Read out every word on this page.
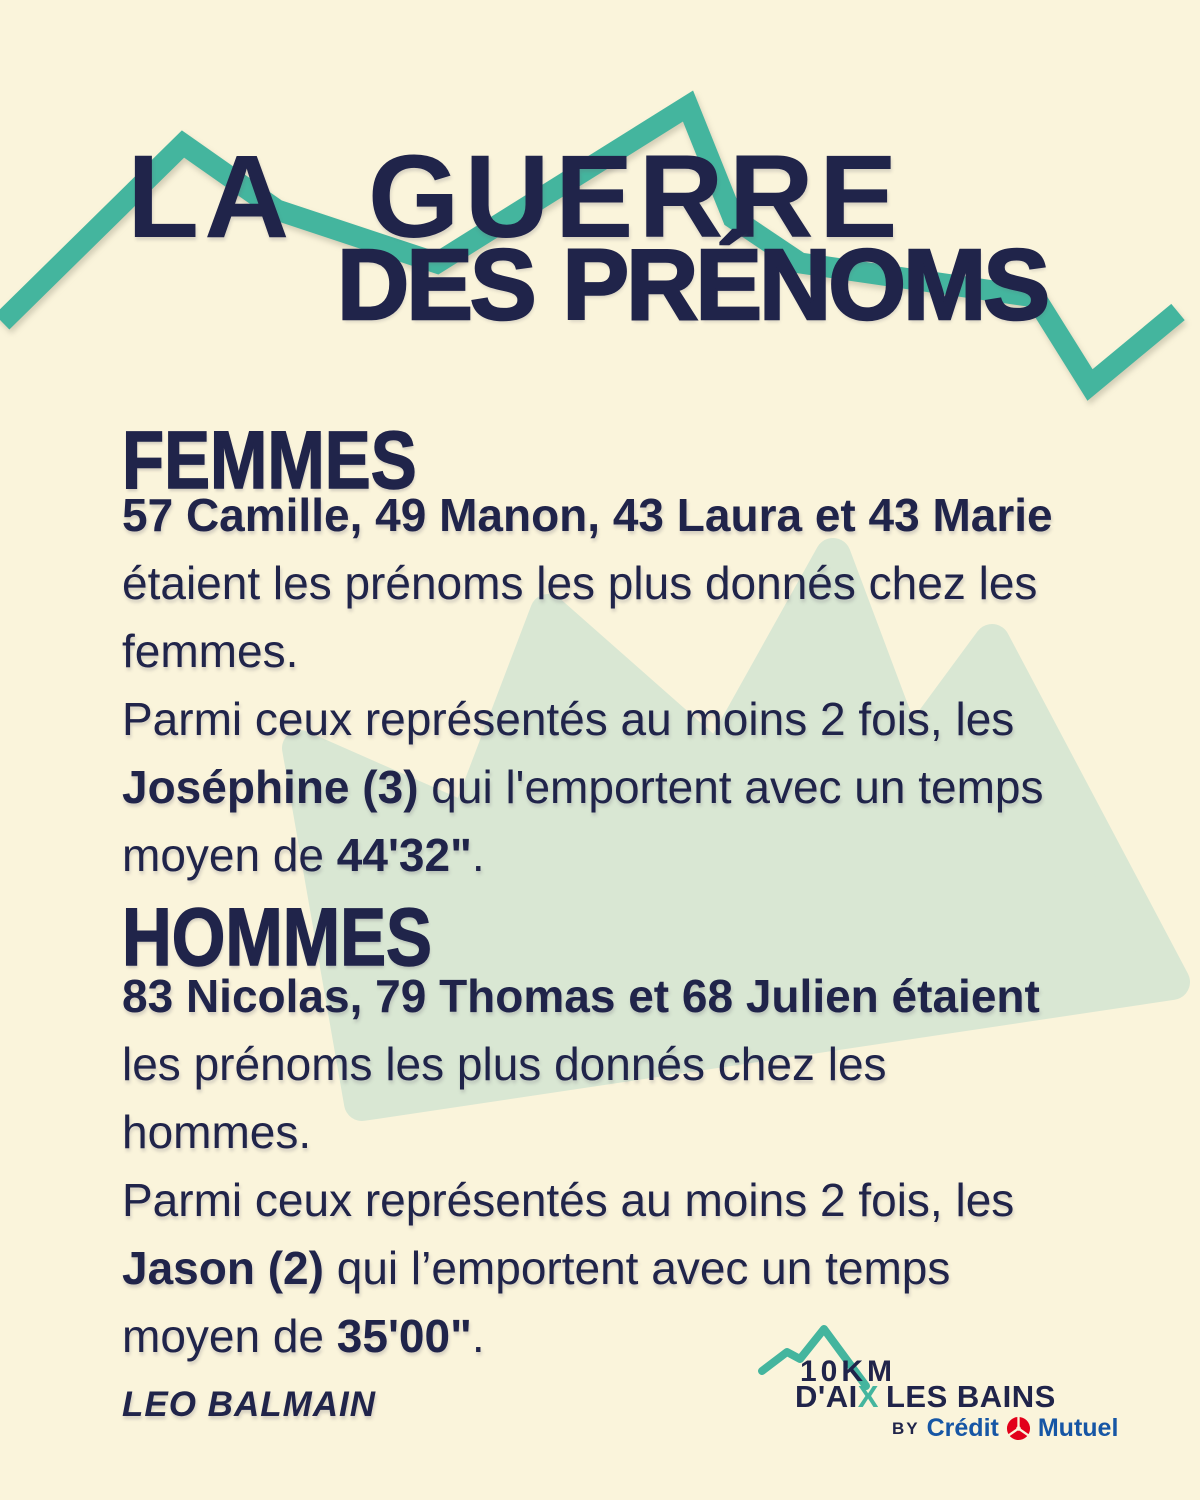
LA GUERRE
DES PRÉNOMS
FEMMES
57 Camille, 49 Manon, 43 Laura et 43 Marie
étaient les prénoms les plus donnés chez les
femmes.
Parmi ceux représentés au moins 2 fois, les
Joséphine (3) qui l'emportent avec un temps
moyen de 44'32".
HOMMES
83 Nicolas, 79 Thomas et 68 Julien étaient
les prénoms les plus donnés chez les
hommes.
Parmi ceux représentés au moins 2 fois, les
Jason (2) qui l’emportent avec un temps
moyen de 35'00".
LEO BALMAIN
10KM
D'AIX LES BAINS
BY Crédit Mutuel
